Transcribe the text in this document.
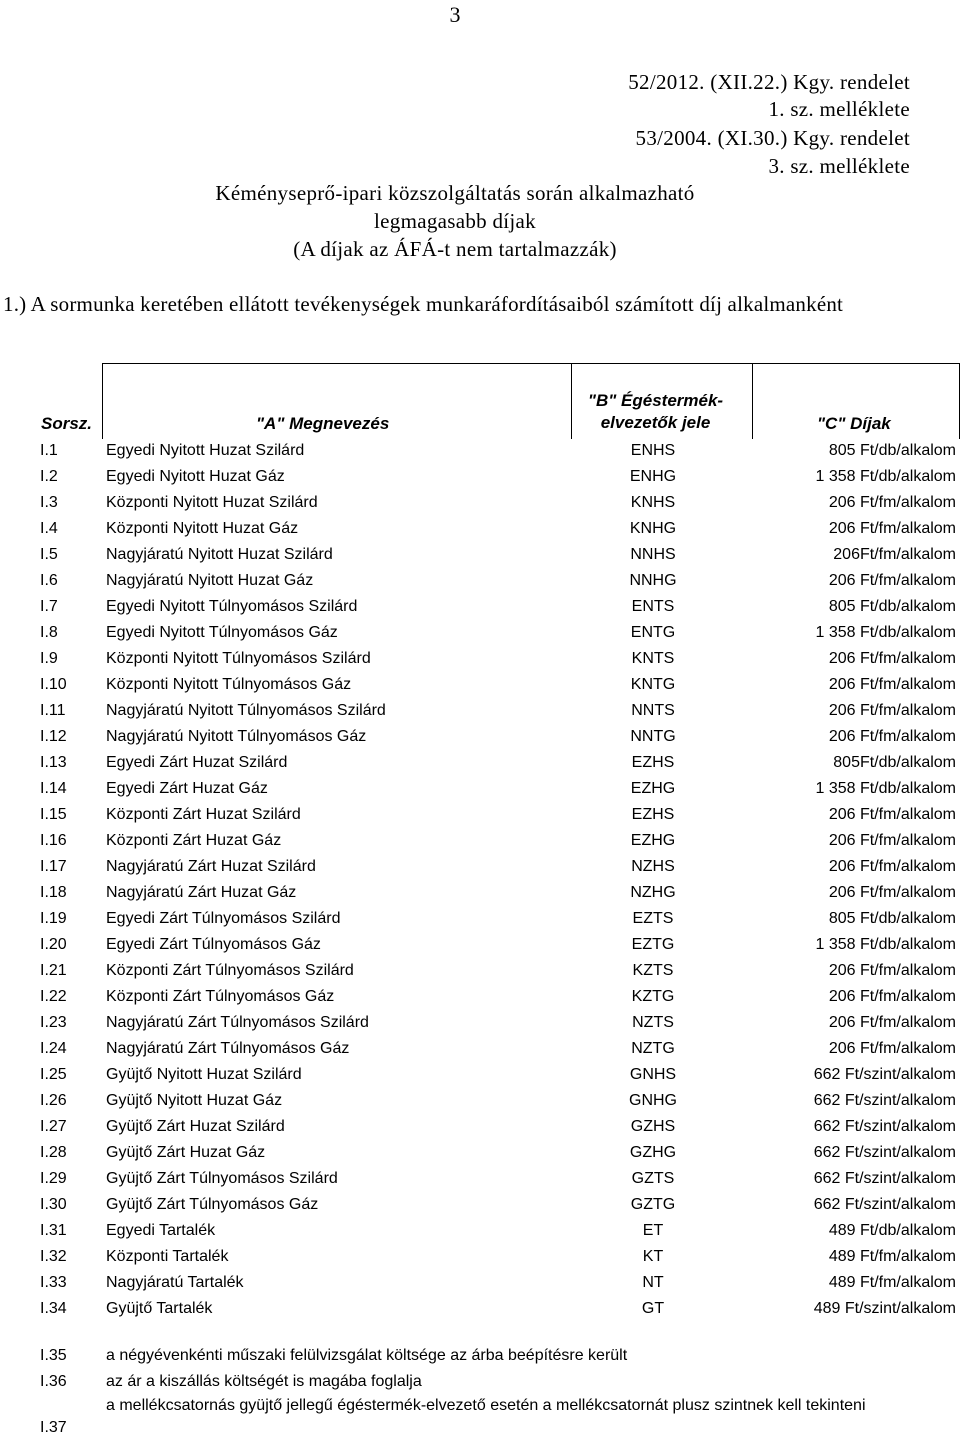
3
52/2012. (XII.22.) Kgy. rendelet
1. sz. melléklete
53/2004. (XI.30.) Kgy. rendelet
3. sz. melléklete
Kéményseprő-ipari közszolgáltatás során alkalmazható
legmagasabb díjak
(A díjak az ÁFÁ-t nem tartalmazzák)
1.) A sormunka keretében ellátott tevékenységek munkaráfordításaiból számított díj alkalmanként
Sorsz.	"A" Megnevezés
"B" Égéstermék-
elvezetők jele	"C" Díjak
I.1	Egyedi Nyitott Huzat Szilárd	ENHS	805 Ft/db/alkalom
I.2	Egyedi Nyitott Huzat Gáz	ENHG	1 358 Ft/db/alkalom
I.3	Központi Nyitott Huzat Szilárd	KNHS	206 Ft/fm/alkalom
I.4	Központi Nyitott Huzat Gáz	KNHG	206 Ft/fm/alkalom
I.5	Nagyjáratú Nyitott Huzat Szilárd	NNHS	206Ft/fm/alkalom
I.6	Nagyjáratú Nyitott Huzat Gáz	NNHG	206 Ft/fm/alkalom
I.7	Egyedi Nyitott Túlnyomásos Szilárd	ENTS	805 Ft/db/alkalom
I.8	Egyedi Nyitott Túlnyomásos Gáz	ENTG	1 358 Ft/db/alkalom
I.9	Központi Nyitott Túlnyomásos Szilárd	KNTS	206 Ft/fm/alkalom
I.10 Központi Nyitott Túlnyomásos Gáz	KNTG	206 Ft/fm/alkalom
I.11	Nagyjáratú Nyitott Túlnyomásos Szilárd	NNTS	206 Ft/fm/alkalom
I.12 Nagyjáratú Nyitott Túlnyomásos Gáz	NNTG	206 Ft/fm/alkalom
I.13 Egyedi Zárt Huzat Szilárd	EZHS	805Ft/db/alkalom
I.14 Egyedi Zárt Huzat Gáz	EZHG	1 358 Ft/db/alkalom
I.15 Központi Zárt Huzat Szilárd	EZHS	206 Ft/fm/alkalom
I.16 Központi Zárt Huzat Gáz	EZHG	206 Ft/fm/alkalom
I.17 Nagyjáratú Zárt Huzat Szilárd	NZHS	206 Ft/fm/alkalom
I.18 Nagyjáratú Zárt Huzat Gáz	NZHG	206 Ft/fm/alkalom
I.19 Egyedi Zárt Túlnyomásos Szilárd	EZTS	805 Ft/db/alkalom
I.20 Egyedi Zárt Túlnyomásos Gáz	EZTG	1 358 Ft/db/alkalom
I.21 Központi Zárt Túlnyomásos Szilárd	KZTS	206 Ft/fm/alkalom
I.22 Központi Zárt Túlnyomásos Gáz	KZTG	206 Ft/fm/alkalom
I.23 Nagyjáratú Zárt Túlnyomásos Szilárd	NZTS	206 Ft/fm/alkalom
I.24 Nagyjáratú Zárt Túlnyomásos Gáz	NZTG	206 Ft/fm/alkalom
I.25 Gyüjtő Nyitott Huzat Szilárd	GNHS	662 Ft/szint/alkalom
I.26 Gyüjtő Nyitott Huzat Gáz	GNHG	662 Ft/szint/alkalom
I.27 Gyüjtő Zárt Huzat Szilárd	GZHS	662 Ft/szint/alkalom
I.28 Gyüjtő Zárt Huzat Gáz	GZHG	662 Ft/szint/alkalom
I.29 Gyüjtő Zárt Túlnyomásos Szilárd	GZTS	662 Ft/szint/alkalom
I.30 Gyüjtő Zárt Túlnyomásos Gáz	GZTG	662 Ft/szint/alkalom
I.31 Egyedi Tartalék	ET	489 Ft/db/alkalom
I.32 Központi Tartalék	KT	489 Ft/fm/alkalom
I.33 Nagyjáratú Tartalék	NT	489 Ft/fm/alkalom
I.34 Gyüjtő Tartalék	GT	489 Ft/szint/alkalom
I.35 a négyévenkénti műszaki felülvizsgálat költsége az árba beépítésre került
I.36 az ár a kiszállás költségét is magába foglalja
I.37
a mellékcsatornás gyüjtő jellegű égéstermék-elvezető esetén a mellékcsatornát plusz szintnek kell tekinteni
